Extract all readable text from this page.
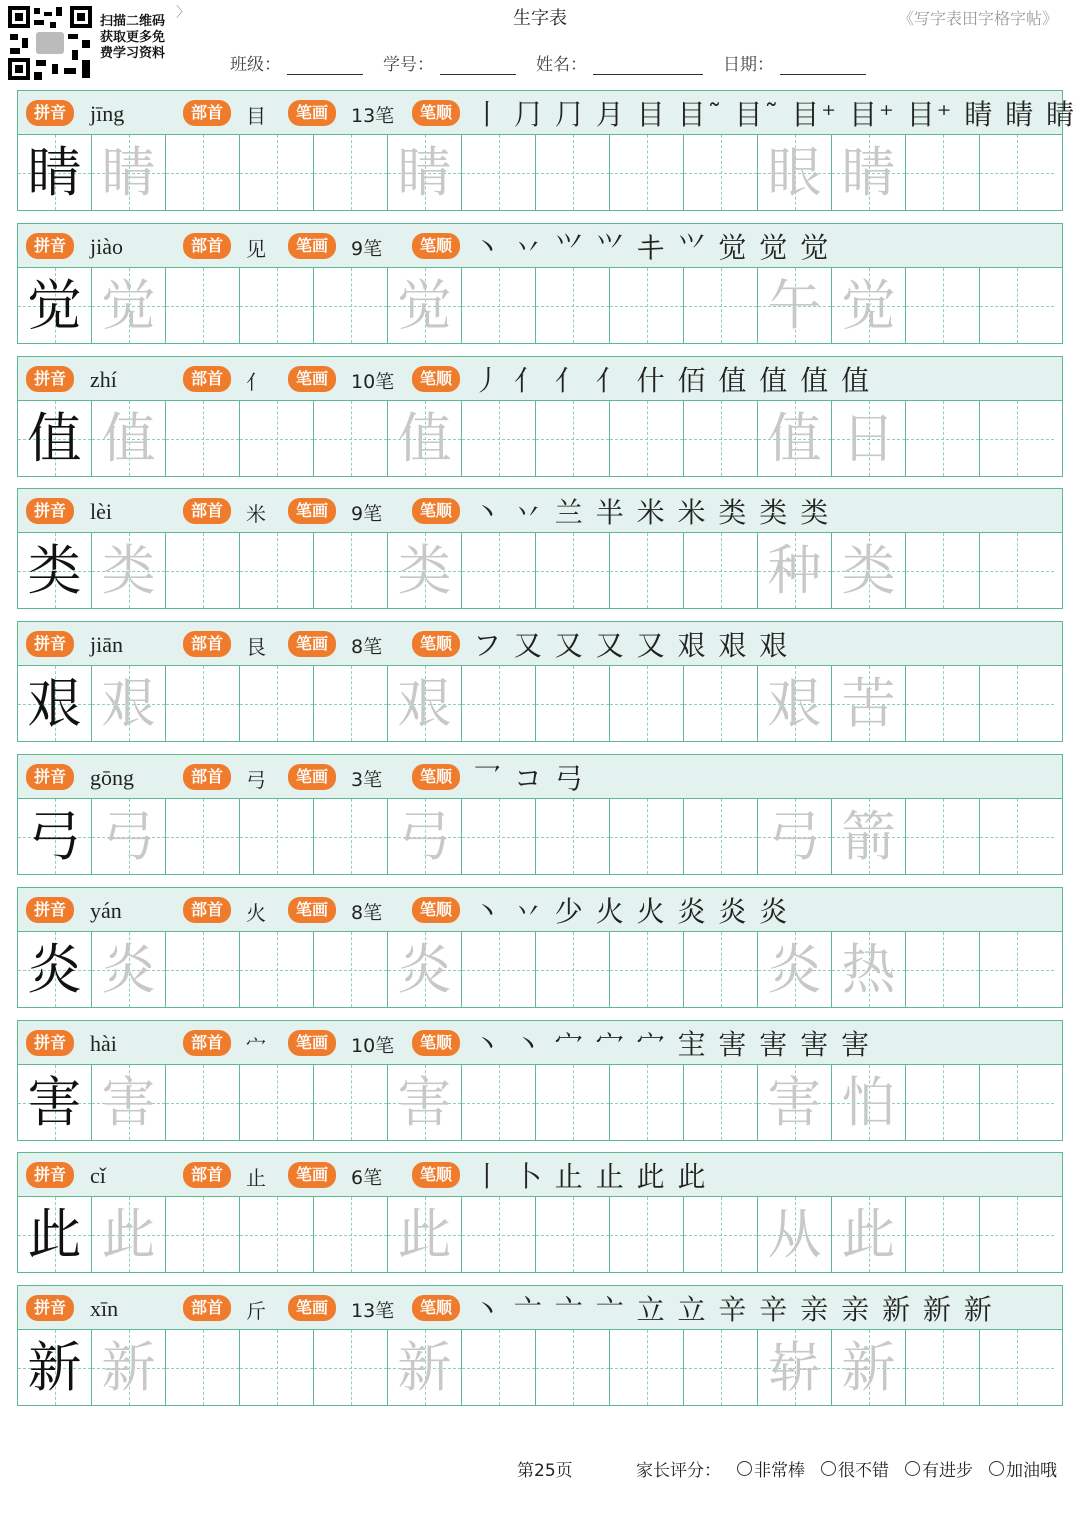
扫描二维码
获取更多免
费学习资料
〉	生字表	《写字表田字格字帖》
班级：	学号：	姓名：	日期：
拼音	jīng	部首	目	笔画	13笔	笔顺 丨 ⺆ ⺆ 月 目 目˜ 目˜ 目⁺ 目⁺ 目⁺ 睛 睛 睛
睛 睛	睛	眼 睛
拼音	jiào	部首	见	笔画	9笔	笔顺 丶 丷 ⺍ ⺍ 𰀁 ⺍ 觉 觉 觉
觉 觉	觉	午 觉
拼音	zhí	部首	亻	笔画	10笔	笔顺 丿 亻 亻 亻 什 佰 值 值 值 值
值 值	值	值 日
拼音	lèi	部首	米	笔画	9笔	笔顺 丶 丷 兰 半 米 米 类 类 类
类 类	类	种 类
拼音	jiān	部首	艮	笔画	8笔	笔顺 フ 又 又 又 又 艰 艰 艰
艰 艰	艰	艰 苦
拼音	gōng	部首	弓	笔画	3笔	笔顺 乛 コ 弓
弓 弓	弓	弓 箭
拼音	yán	部首	火	笔画	8笔	笔顺 丶 丷 少 火 火 炎 炎 炎
炎 炎	炎	炎 热
拼音	hài	部首	宀	笔画	10笔	笔顺 丶 丶 宀 宀 宀 宔 害 害 害 害
害 害	害	害 怕
拼音	cǐ	部首	止	笔画	6笔	笔顺 丨 卜 止 止 此 此
此 此	此	从 此
拼音	xīn	部首	斤	笔画	13笔	笔顺 丶 亠 亠 亠 立 立 辛 辛 亲 亲 新 新 新
新 新	新	崭 新
第25页	家长评分： 非常棒 很不错 有进步 加油哦
